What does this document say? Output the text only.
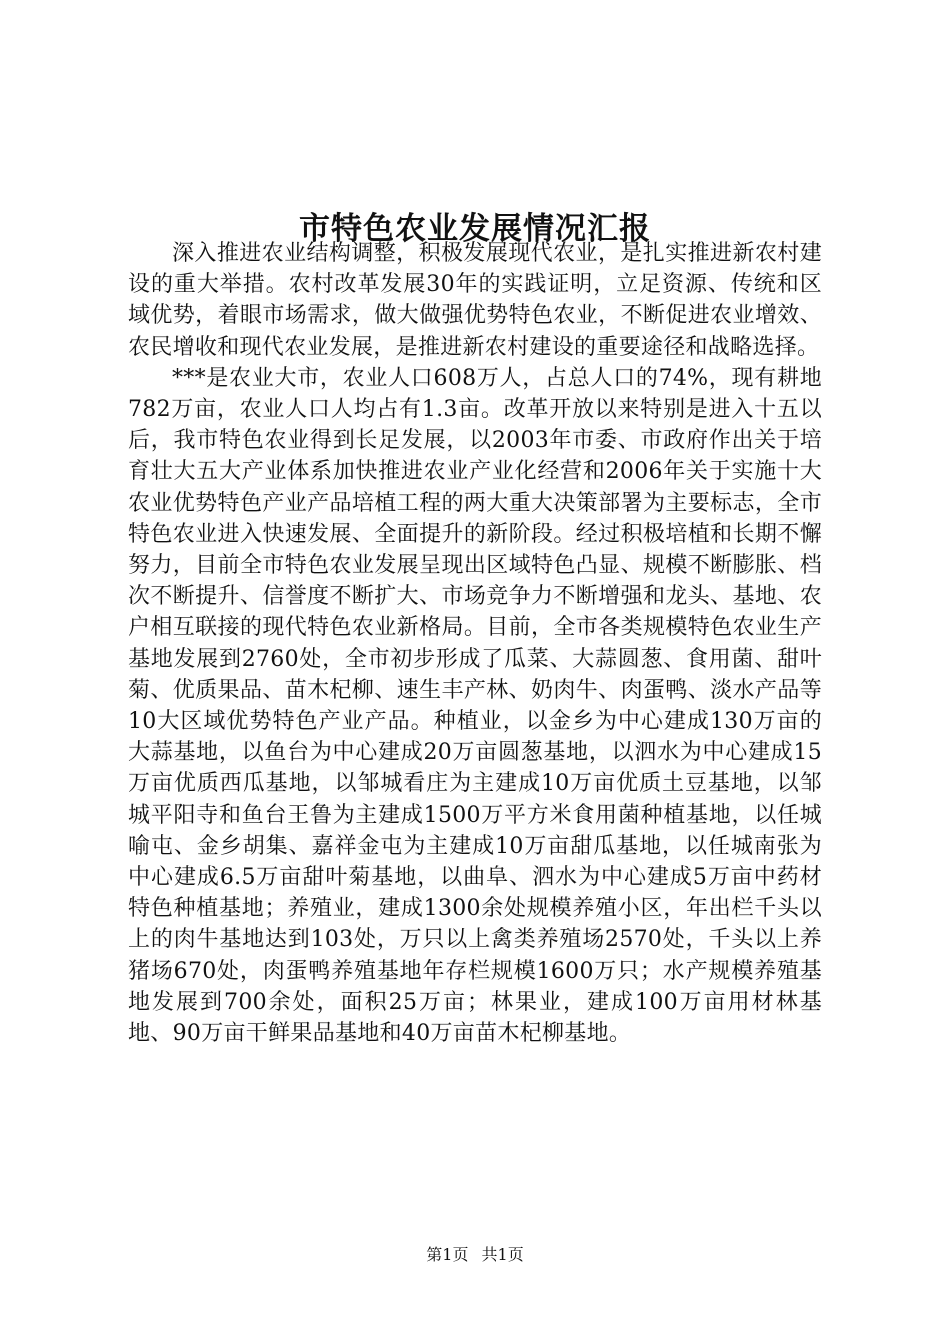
市特色农业发展情况汇报

深入推进农业结构调整，积极发展现代农业，是扎实推进新农村建设的重大举措。农村改革发展30年的实践证明，立足资源、传统和区域优势，着眼市场需求，做大做强优势特色农业，不断促进农业增效、农民增收和现代农业发展，是推进新农村建设的重要途径和战略选择。

***是农业大市，农业人口608万人，占总人口的74%，现有耕地782万亩，农业人口人均占有1.3亩。改革开放以来特别是进入十五以后，我市特色农业得到长足发展，以2003年市委、市政府作出关于培育壮大五大产业体系加快推进农业产业化经营和2006年关于实施十大农业优势特色产业产品培植工程的两大重大决策部署为主要标志，全市特色农业进入快速发展、全面提升的新阶段。经过积极培植和长期不懈努力，目前全市特色农业发展呈现出区域特色凸显、规模不断膨胀、档次不断提升、信誉度不断扩大、市场竞争力不断增强和龙头、基地、农户相互联接的现代特色农业新格局。目前，全市各类规模特色农业生产基地发展到2760处，全市初步形成了瓜菜、大蒜圆葱、食用菌、甜叶菊、优质果品、苗木杞柳、速生丰产林、奶肉牛、肉蛋鸭、淡水产品等10大区域优势特色产业产品。种植业，以金乡为中心建成130万亩的大蒜基地，以鱼台为中心建成20万亩圆葱基地，以泗水为中心建成15万亩优质西瓜基地，以邹城看庄为主建成10万亩优质土豆基地，以邹城平阳寺和鱼台王鲁为主建成1500万平方米食用菌种植基地，以任城喻屯、金乡胡集、嘉祥金屯为主建成10万亩甜瓜基地，以任城南张为中心建成6.5万亩甜叶菊基地，以曲阜、泗水为中心建成5万亩中药材特色种植基地；养殖业，建成1300余处规模养殖小区，年出栏千头以上的肉牛基地达到103处，万只以上禽类养殖场2570处，千头以上养猪场670处，肉蛋鸭养殖基地年存栏规模1600万只；水产规模养殖基地发展到700余处，面积25万亩；林果业，建成100万亩用材林基地、90万亩干鲜果品基地和40万亩苗木杞柳基地。

第1页 共1页
